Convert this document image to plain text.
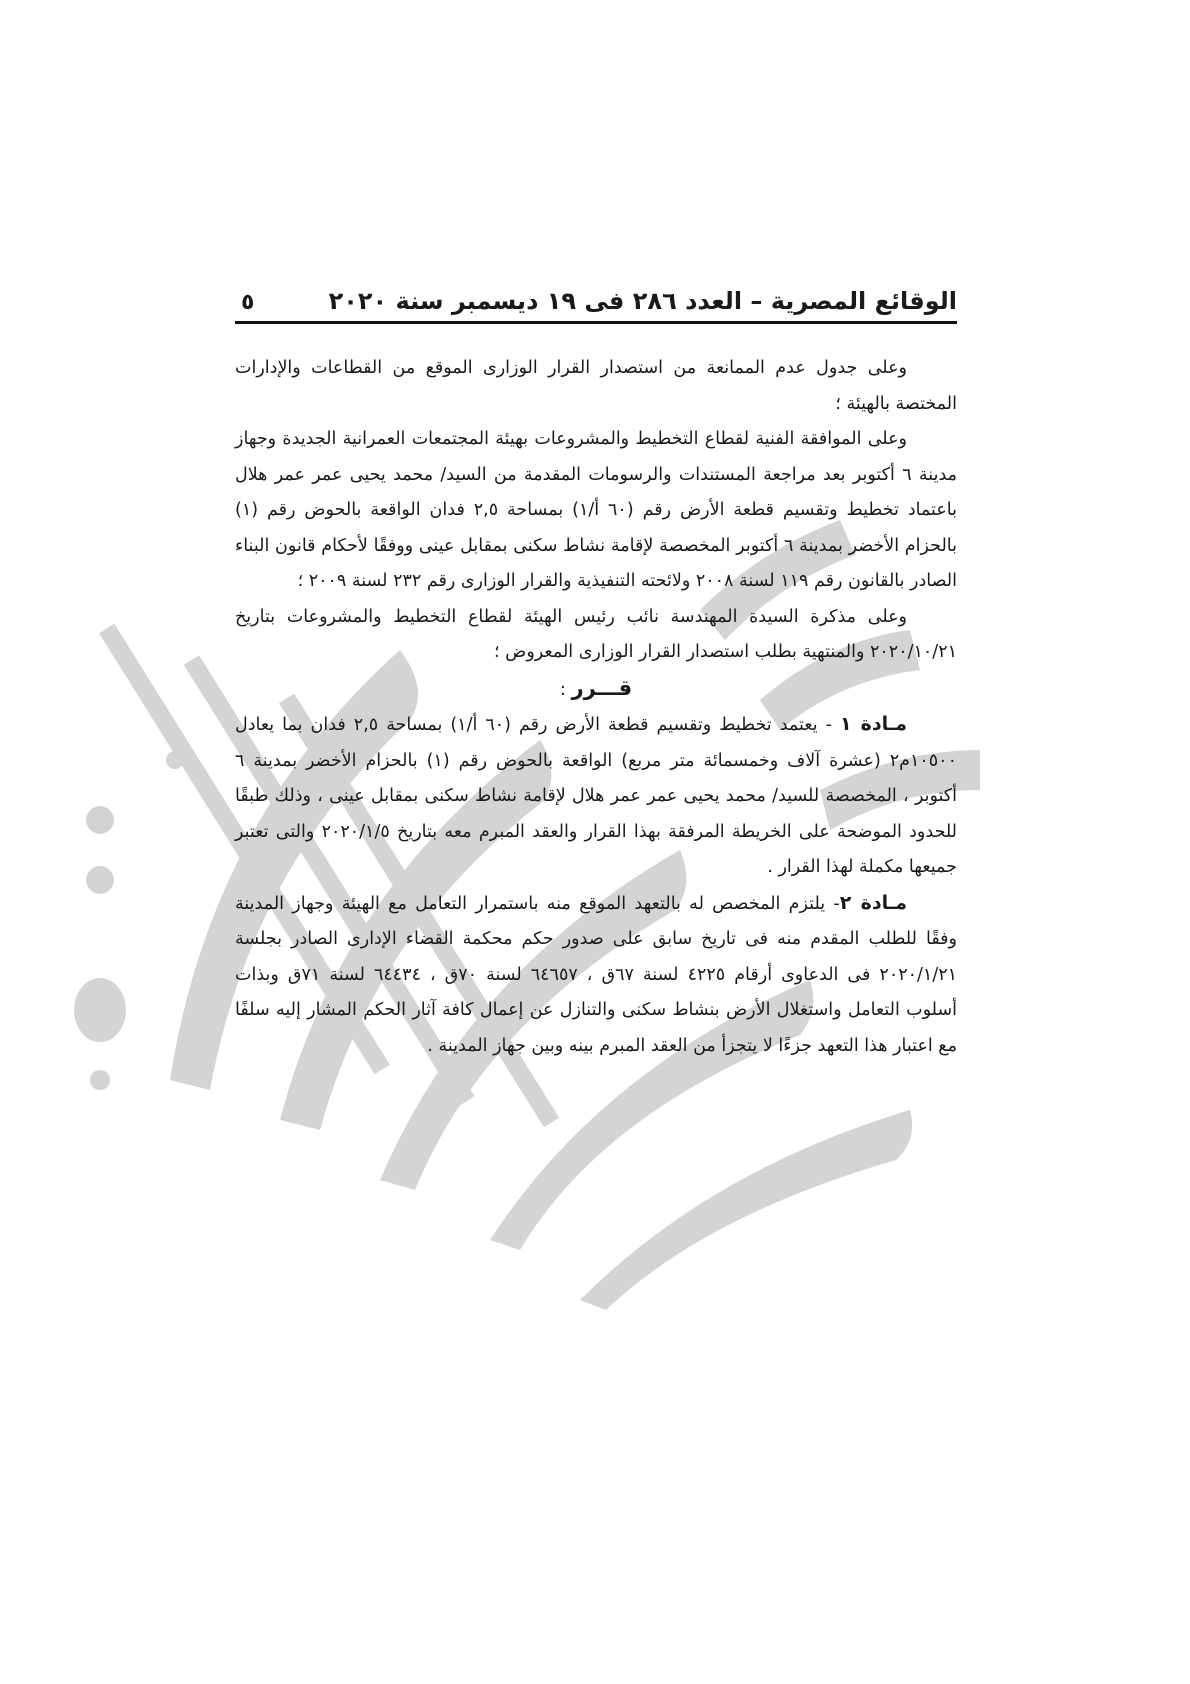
الوقائع المصرية – العدد ٢٨٦ فى ١٩ ديسمبر سنة ٢٠٢٠
٥

وعلى جدول عدم الممانعة من استصدار القرار الوزارى الموقع من القطاعات والإدارات المختصة بالهيئة ؛

وعلى الموافقة الفنية لقطاع التخطيط والمشروعات بهيئة المجتمعات العمرانية الجديدة وجهاز مدينة ٦ أكتوبر بعد مراجعة المستندات والرسومات المقدمة من السيد/ محمد يحيى عمر عمر هلال باعتماد تخطيط وتقسيم قطعة الأرض رقم (٦٠ أ/١) بمساحة ٢,٥ فدان الواقعة بالحوض رقم (١) بالحزام الأخضر بمدينة ٦ أكتوبر المخصصة لإقامة نشاط سكنى بمقابل عينى ووفقًا لأحكام قانون البناء الصادر بالقانون رقم ١١٩ لسنة ٢٠٠٨ ولائحته التنفيذية والقرار الوزارى رقم ٢٣٢ لسنة ٢٠٠٩ ؛

وعلى مذكرة السيدة المهندسة نائب رئيس الهيئة لقطاع التخطيط والمشروعات بتاريخ ٢٠٢٠/١٠/٢١ والمنتهية بطلب استصدار القرار الوزارى المعروض ؛

قـــرر :

مـادة ١ - يعتمد تخطيط وتقسيم قطعة الأرض رقم (٦٠ أ/١) بمساحة ٢,٥ فدان بما يعادل ١٠٥٠٠م٢ (عشرة آلاف وخمسمائة متر مربع) الواقعة بالحوض رقم (١) بالحزام الأخضر بمدينة ٦ أكتوبر ، المخصصة للسيد/ محمد يحيى عمر عمر هلال لإقامة نشاط سكنى بمقابل عينى ، وذلك طبقًا للحدود الموضحة على الخريطة المرفقة بهذا القرار والعقد المبرم معه بتاريخ ٢٠٢٠/١/٥ والتى تعتبر جميعها مكملة لهذا القرار .

مـادة ٢- يلتزم المخصص له بالتعهد الموقع منه باستمرار التعامل مع الهيئة وجهاز المدينة وفقًا للطلب المقدم منه فى تاريخ سابق على صدور حكم محكمة القضاء الإدارى الصادر بجلسة ٢٠٢٠/١/٢١ فى الدعاوى أرقام ٤٢٢٥ لسنة ٦٧ق ، ٦٤٦٥٧ لسنة ٧٠ق ، ٦٤٤٣٤ لسنة ٧١ق وبذات أسلوب التعامل واستغلال الأرض بنشاط سكنى والتنازل عن إعمال كافة آثار الحكم المشار إليه سلفًا مع اعتبار هذا التعهد جزءًا لا يتجزأ من العقد المبرم بينه وبين جهاز المدينة .
